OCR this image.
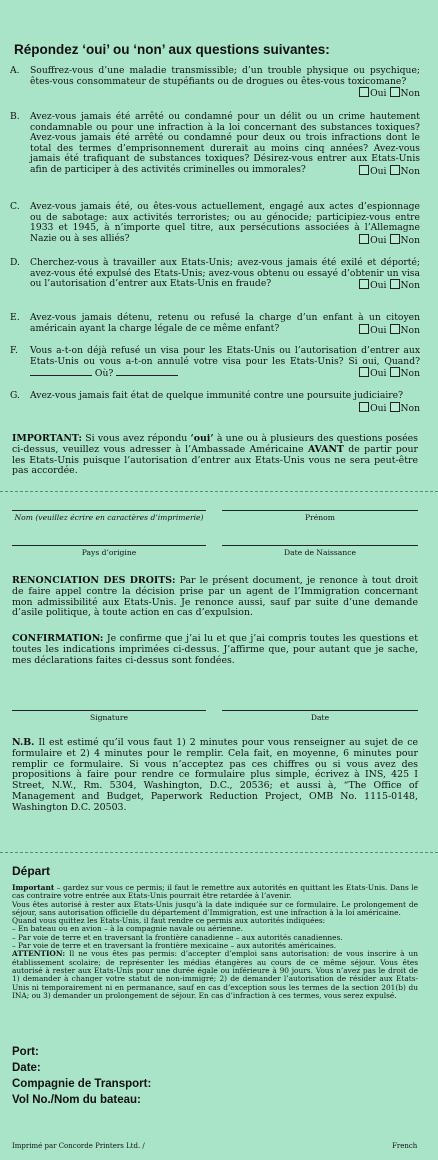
Répondez ‘oui’ ou ‘non’ aux questions suivantes:
A.	Souffrez-vous d’une maladie transmissible; d’un trouble physique ou psychique; êtes-vous consommateur de stupéfiants ou de drogues ou êtes-vous toxicomane?
Oui Non
B.	Avez-vous jamais été arrêté ou condamné pour un délit ou un crime hautement condamnable ou pour une infraction à la loi concernant des substances toxiques? Avez-vous jamais été arrêté ou condamné pour deux ou trois infractions dont le total des termes d’emprisonnement durerait au moins cinq années? Avez-vous jamais été trafiquant de substances toxiques? Désirez-vous entrer aux Etats-Unis afin de participer à des activités criminelles ou immorales?	Oui Non
C.	Avez-vous jamais été, ou êtes-vous actuellement, engagé aux actes d’espionnage ou de sabotage: aux activités terroristes; ou au génocide; participiez-vous entre 1933 et 1945, à n’importe quel titre, aux persécutions associées à l’Allemagne Nazie ou à ses alliés?	Oui Non
D.	Cherchez-vous à travailler aux Etats-Unis; avez-vous jamais été exilé et déporté; avez-vous été expulsé des Etats-Unis; avez-vous obtenu ou essayé d’obtenir un visa ou l’autorisation d’entrer aux Etats-Unis en fraude?	Oui Non
E.	Avez-vous jamais détenu, retenu ou refusé la charge d’un enfant à un citoyen américain ayant la charge légale de ce même enfant?	Oui Non
F.	Vous a-t-on déjà refusé un visa pour les Etats-Unis ou l’autorisation d’entrer aux Etats-Unis ou vous a-t-on annulé votre visa pour les Etats-Unis? Si oui, Quand?  Où?	Oui Non
G.	Avez-vous jamais fait état de quelque immunité contre une poursuite judiciaire?
Oui Non
IMPORTANT: Si vous avez répondu ‘oui’ à une ou à plusieurs des questions posées ci-dessus, veuillez vous adresser à l’Ambassade Américaine AVANT de partir pour les Etats-Unis puisque l’autorisation d’entrer aux Etats-Unis vous ne sera peut-être pas accordée.
Nom (veuillez écrire en caractères d’imprimerie)	Prénom
Pays d’origine	Date de Naissance
RENONCIATION DES DROITS: Par le présent document, je renonce à tout droit de faire appel contre la décision prise par un agent de l’Immigration concernant mon admissibilité aux Etats-Unis. Je renonce aussi, sauf par suite d’une demande d’asile politique, à toute action en cas d’expulsion.
CONFIRMATION: Je confirme que j’ai lu et que j’ai compris toutes les questions et toutes les indications imprimées ci-dessus. J’affirme que, pour autant que je sache, mes déclarations faites ci-dessus sont fondées.
Signature	Date
N.B. Il est estimé qu’il vous faut 1) 2 minutes pour vous renseigner au sujet de ce formulaire et 2) 4 minutes pour le remplir. Cela fait, en moyenne, 6 minutes pour remplir ce formulaire. Si vous n’acceptez pas ces chiffres ou si vous avez des propositions à faire pour rendre ce formulaire plus simple, écrivez à INS, 425 I Street, N.W., Rm. 5304, Washington, D.C., 20536; et aussi à, “The Office of Management and Budget, Paperwork Reduction Project, OMB No. 1115-0148, Washington D.C. 20503.
Départ
Important – gardez sur vous ce permis; il faut le remettre aux autorités en quittant les Etats-Unis. Dans le cas contraire votre entrée aux Etats-Unis pourrait être retardée à l’avenir.
Vous êtes autorisé à rester aux Etats-Unis jusqu’à la date indiquée sur ce formulaire. Le prolongement de séjour, sans autorisation officielle du département d’Immigration, est une infraction à la loi américaine.
Quand vous quittez les Etats-Unis, il faut rendre ce permis aux autorités indiquées:
– En bateau ou en avion – à la compagnie navale ou aérienne.
– Par voie de terre et en traversant la frontière canadienne – aux autorités canadiennes.
– Par voie de terre et en traversant la frontière mexicaine – aux autorités américaines.
ATTENTION: Il ne vous êtes pas permis: d’accepter d’emploi sans autorisation: de vous inscrire à un établissement scolaire; de représenter les médias étangères au cours de ce même séjour. Vous êtes autorisé à rester aux Etats-Unis pour une durée égale ou inférieure à 90 jours. Vous n’avez pas le droit de 1) demander à changer votre statut de non-immigré; 2) de demander l’autorisation de résider aux Etats-Unis ni temporairement ni en permanance, sauf en cas d’exception sous les termes de la section 201(b) du INA; ou 3) demander un prolongement de séjour. En cas d’infraction à ces termes, vous serez expulsé.
Port:
Date:
Compagnie de Transport:
Vol No./Nom du bateau:
Imprimé par Concorde Printers Ltd. /	French
